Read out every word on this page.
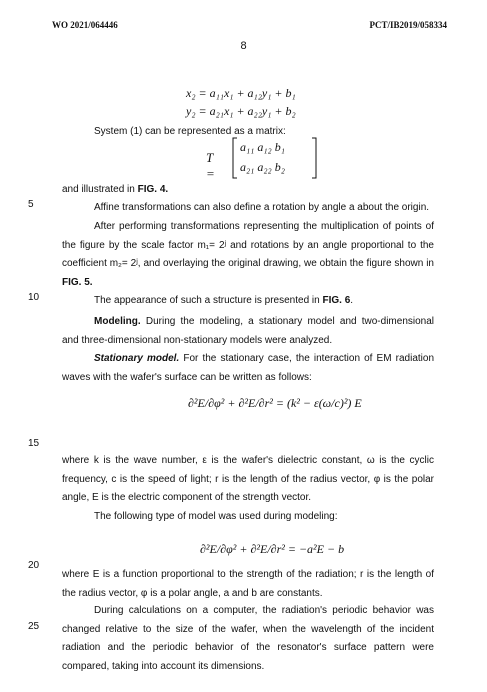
WO 2021/064446	PCT/IB2019/058334
8
x₂ = a₁₁x₁ + a₁₂y₁ + b₁
y₂ = a₂₁x₁ + a₂₂y₁ + b₂
System (1) can be represented as a matrix:
T =
a₁₁ a₁₂ b₁
a₂₁ a₂₂ b₂
and illustrated in FIG. 4.
5	Affine transformations can also define a rotation by angle a about the origin.
After performing transformations representing the multiplication of points of the figure by the scale factor m₁= 2ʲ and rotations by an angle proportional to the coefficient m₂= 2ʲ, and overlaying the original drawing, we obtain the figure shown in FIG. 5.
10	The appearance of such a structure is presented in FIG. 6.
Modeling. During the modeling, a stationary model and two-dimensional and three-dimensional non-stationary models were analyzed.
Stationary model. For the stationary case, the interaction of EM radiation waves with the wafer's surface can be written as follows:
∂²E/∂φ² + ∂²E/∂r² = (k² − ε(ω/c)²) E
15
where k is the wave number, ε is the wafer's dielectric constant, ω is the cyclic frequency, c is the speed of light; r is the length of the radius vector, φ is the polar angle, E is the electric component of the strength vector.
The following type of model was used during modeling:
∂²E/∂φ² + ∂²E/∂r² = −a²E − b
20
where E is a function proportional to the strength of the radiation; r is the length of the radius vector, φ is a polar angle, a and b are constants.
During calculations on a computer, the radiation's periodic behavior was changed relative to the size of the wafer, when the wavelength of the incident radiation and the periodic behavior of the resonator's surface pattern were compared, taking into account its dimensions.
25
